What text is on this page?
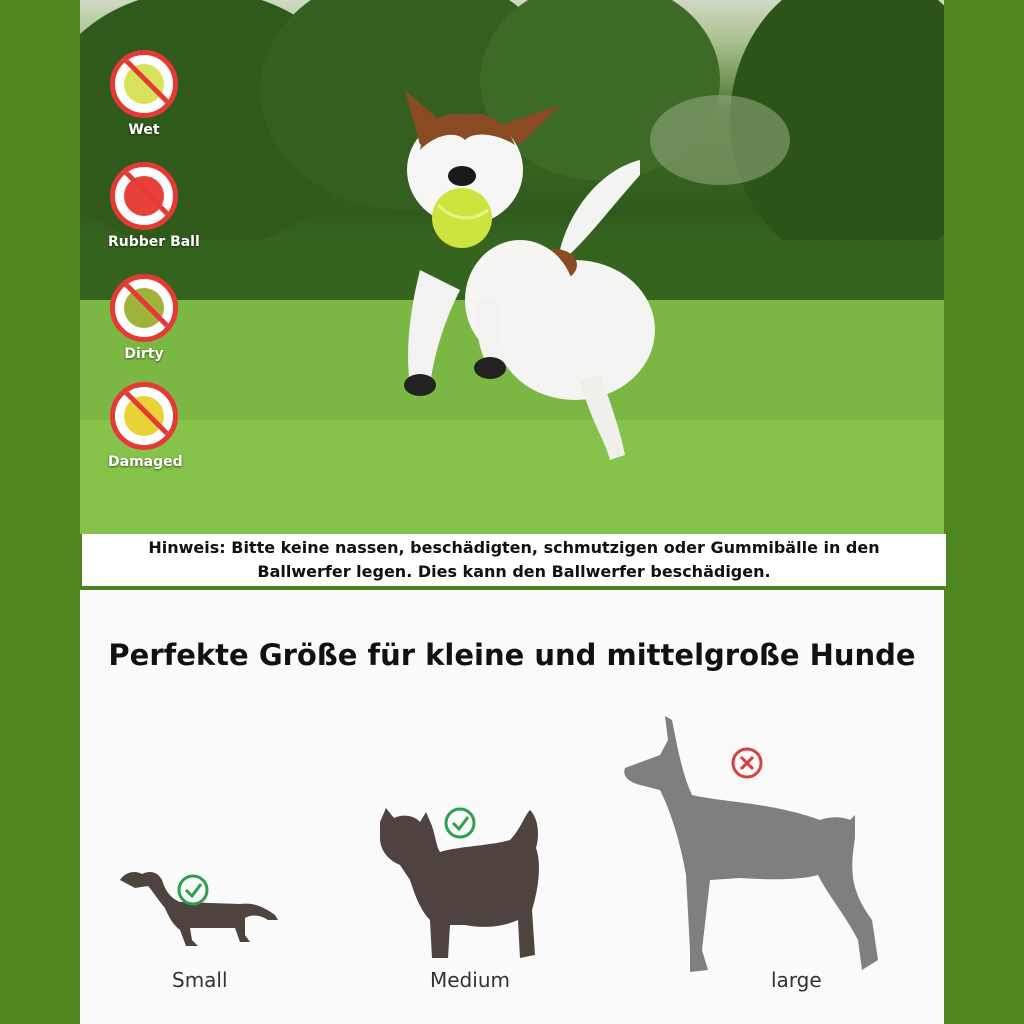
Wet
Rubber Ball
Dirty
Damaged
Hinweis: Bitte keine nassen, beschädigten, schmutzigen oder Gummibälle in den
Ballwerfer legen. Dies kann den Ballwerfer beschädigen.
Perfekte Größe für kleine und mittelgroße Hunde
Small	Medium	large
